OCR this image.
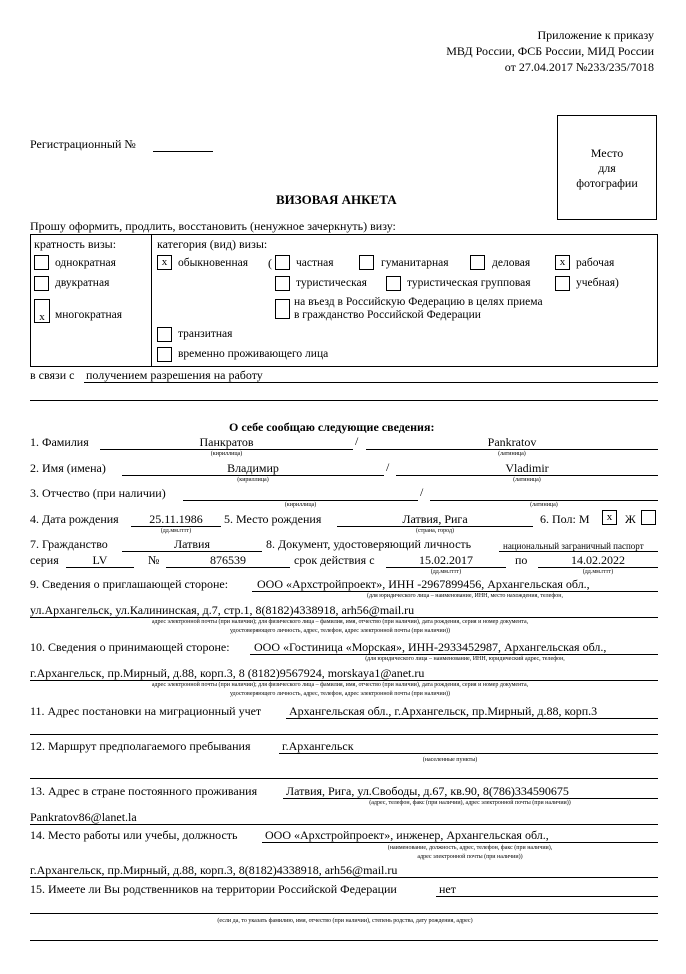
Приложение к приказу
МВД России, ФСБ России, МИД России
от 27.04.2017 №233/235/7018
Регистрационный №
Место
для
фотографии
ВИЗОВАЯ АНКЕТА
Прошу оформить, продлить, восстановить (ненужное зачеркнуть) визу:
кратность визы:
однократная
двукратная
x многократная
категория (вид) визы:
x обыкновенная ( частная	гуманитарная	деловая	x рабочая
туристическая	туристическая групповая	учебная)
на въезд в Российскую Федерацию в целях приема
в гражданство Российской Федерации
транзитная
временно проживающего лица
в связи с получением разрешения на работу
О себе сообщаю следующие сведения:
1. Фамилия	Панкратов
(кириллица)
/	Pankratov
(латиница)
2. Имя (имена)	Владимир
(кириллица)
/	Vladimir
(латиница)
3. Отчество (при наличии)
(кириллица)
/
(латиница)
4. Дата рождения	25.11.1986
(дд.мм.гггг)
5. Место рождения	Латвия, Рига
(страна, город)
6. Пол: М	x	Ж
7. Гражданство	Латвия	8. Документ, удостоверяющий личность	национальный заграничный паспорт
серия	LV	№	876539	срок действия с	15.02.2017
(дд.мм.гггг)
по	14.02.2022
(дд.мм.гггг)
9. Сведения о приглашающей стороне: ООО «Архстройпроект», ИНН -2967899456, Архангельская обл.,
(для юридического лица – наименование, ИНН, место нахождения, телефон,
ул.Архангельск, ул.Калининская, д.7, стр.1, 8(8182)4338918, arh56@mail.ru
адрес электронной почты (при наличии); для физического лица – фамилия, имя, отчество (при наличии), дата рождения, серия и номер документа,
удостоверяющего личность, адрес, телефон, адрес электронной почты (при наличии))
10. Сведения о принимающей стороне: ООО «Гостиница «Морская», ИНН-2933452987, Архангельская обл.,
(для юридического лица – наименование, ИНН, юридический адрес, телефон,
г.Архангельск, пр.Мирный, д.88, корп.3, 8 (8182)9567924, morskaya1@anet.ru
адрес электронной почты (при наличии); для физического лица – фамилия, имя, отчество (при наличии), дата рождения, серия и номер документа,
удостоверяющего личность, адрес, телефон, адрес электронной почты (при наличии))
11. Адрес постановки на миграционный учет Архангельская обл., г.Архангельск, пр.Мирный, д.88, корп.3
12. Маршрут предполагаемого пребывания	г.Архангельск
(населенные пункты)
13. Адрес в стране постоянного проживания Латвия, Рига, ул.Свободы, д.67, кв.90, 8(786)334590675
(адрес, телефон, факс (при наличии), адрес электронной почты (при наличии))
Pankratov86@lanet.la
14. Место работы или учебы, должность ООО «Архстройпроект», инженер, Архангельская обл.,
(наименование, должность, адрес, телефон, факс (при наличии),
адрес электронной почты (при наличии))
г.Архангельск, пр.Мирный, д.88, корп.3, 8(8182)4338918, arh56@mail.ru
15. Имеете ли Вы родственников на территории Российской Федерации	нет
(если да, то указать фамилию, имя, отчество (при наличии), степень родства, дату рождения, адрес)
